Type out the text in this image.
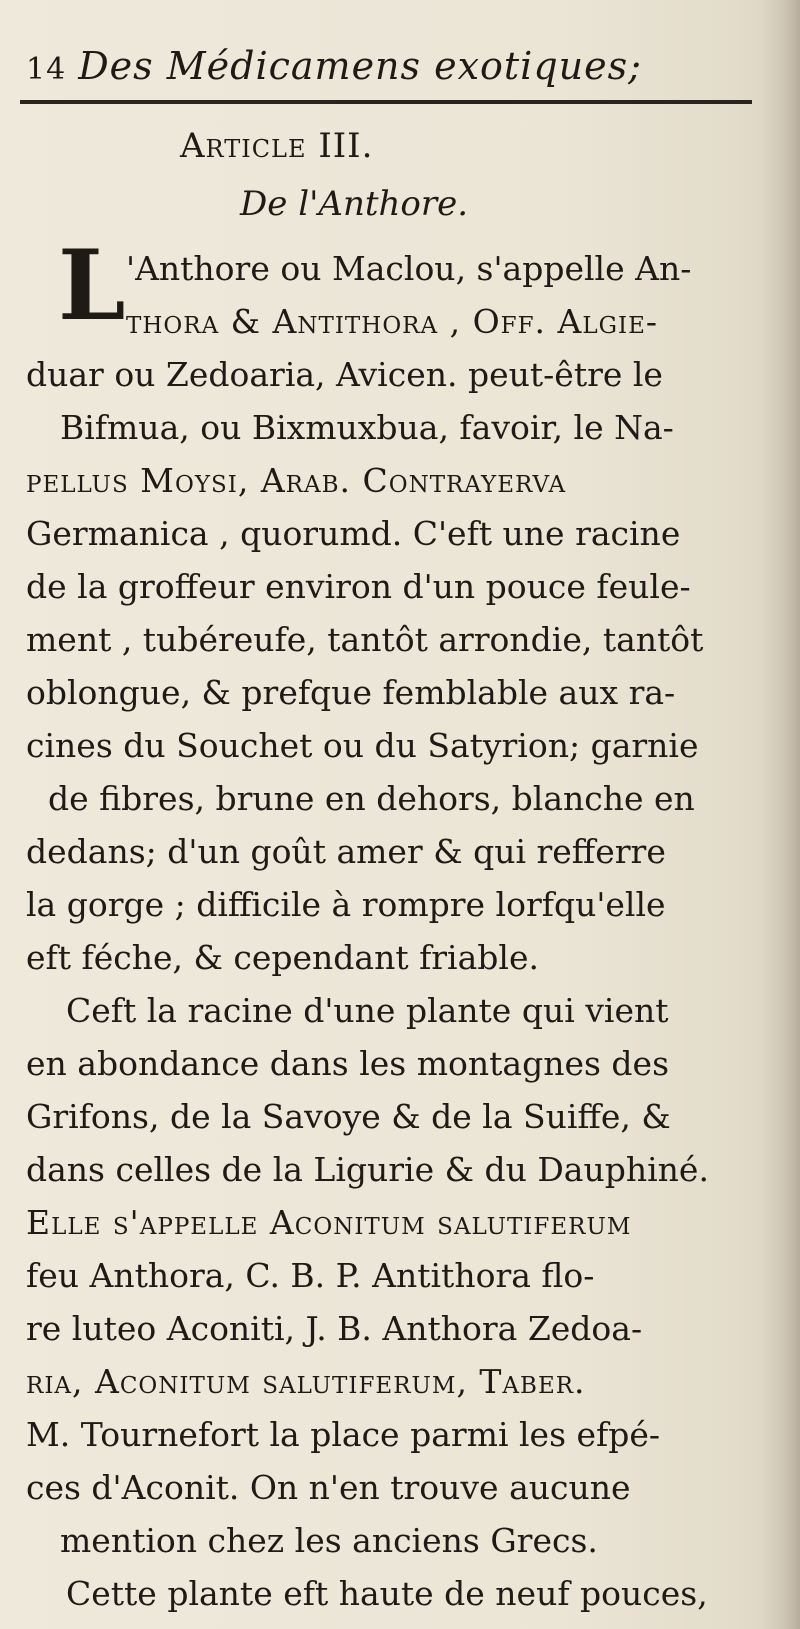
14 Des Médicamens exotiques;
Article III.
De l'Anthore.
L 'Anthore ou Maclou, s'appelle An-
thora & Antithora , Off. Algie-
duar ou Zedoaria, Avicen. peut-être le
Bifmua, ou Bixmuxbua, favoir, le Na-
pellus Moysi, Arab. Contrayerva
Germanica , quorumd. C'eft une racine
de la groffeur environ d'un pouce feule-
ment , tubéreufe, tantôt arrondie, tantôt
oblongue, & prefque femblable aux ra-
cines du Souchet ou du Satyrion; garnie
de fibres, brune en dehors, blanche en
dedans; d'un goût amer & qui refferre
la gorge ; difficile à rompre lorfqu'elle
eft féche, & cependant friable.
Ceft la racine d'une plante qui vient
en abondance dans les montagnes des
Grifons, de la Savoye & de la Suiffe, &
dans celles de la Ligurie & du Dauphiné.
Elle s'appelle Aconitum salutiferum
feu Anthora, C. B. P. Antithora flo-
re luteo Aconiti, J. B. Anthora Zedoa-
ria, Aconitum salutiferum, Taber.
M. Tournefort la place parmi les efpé-
ces d'Aconit. On n'en trouve aucune
mention chez les anciens Grecs.
Cette plante eft haute de neuf pouces,
